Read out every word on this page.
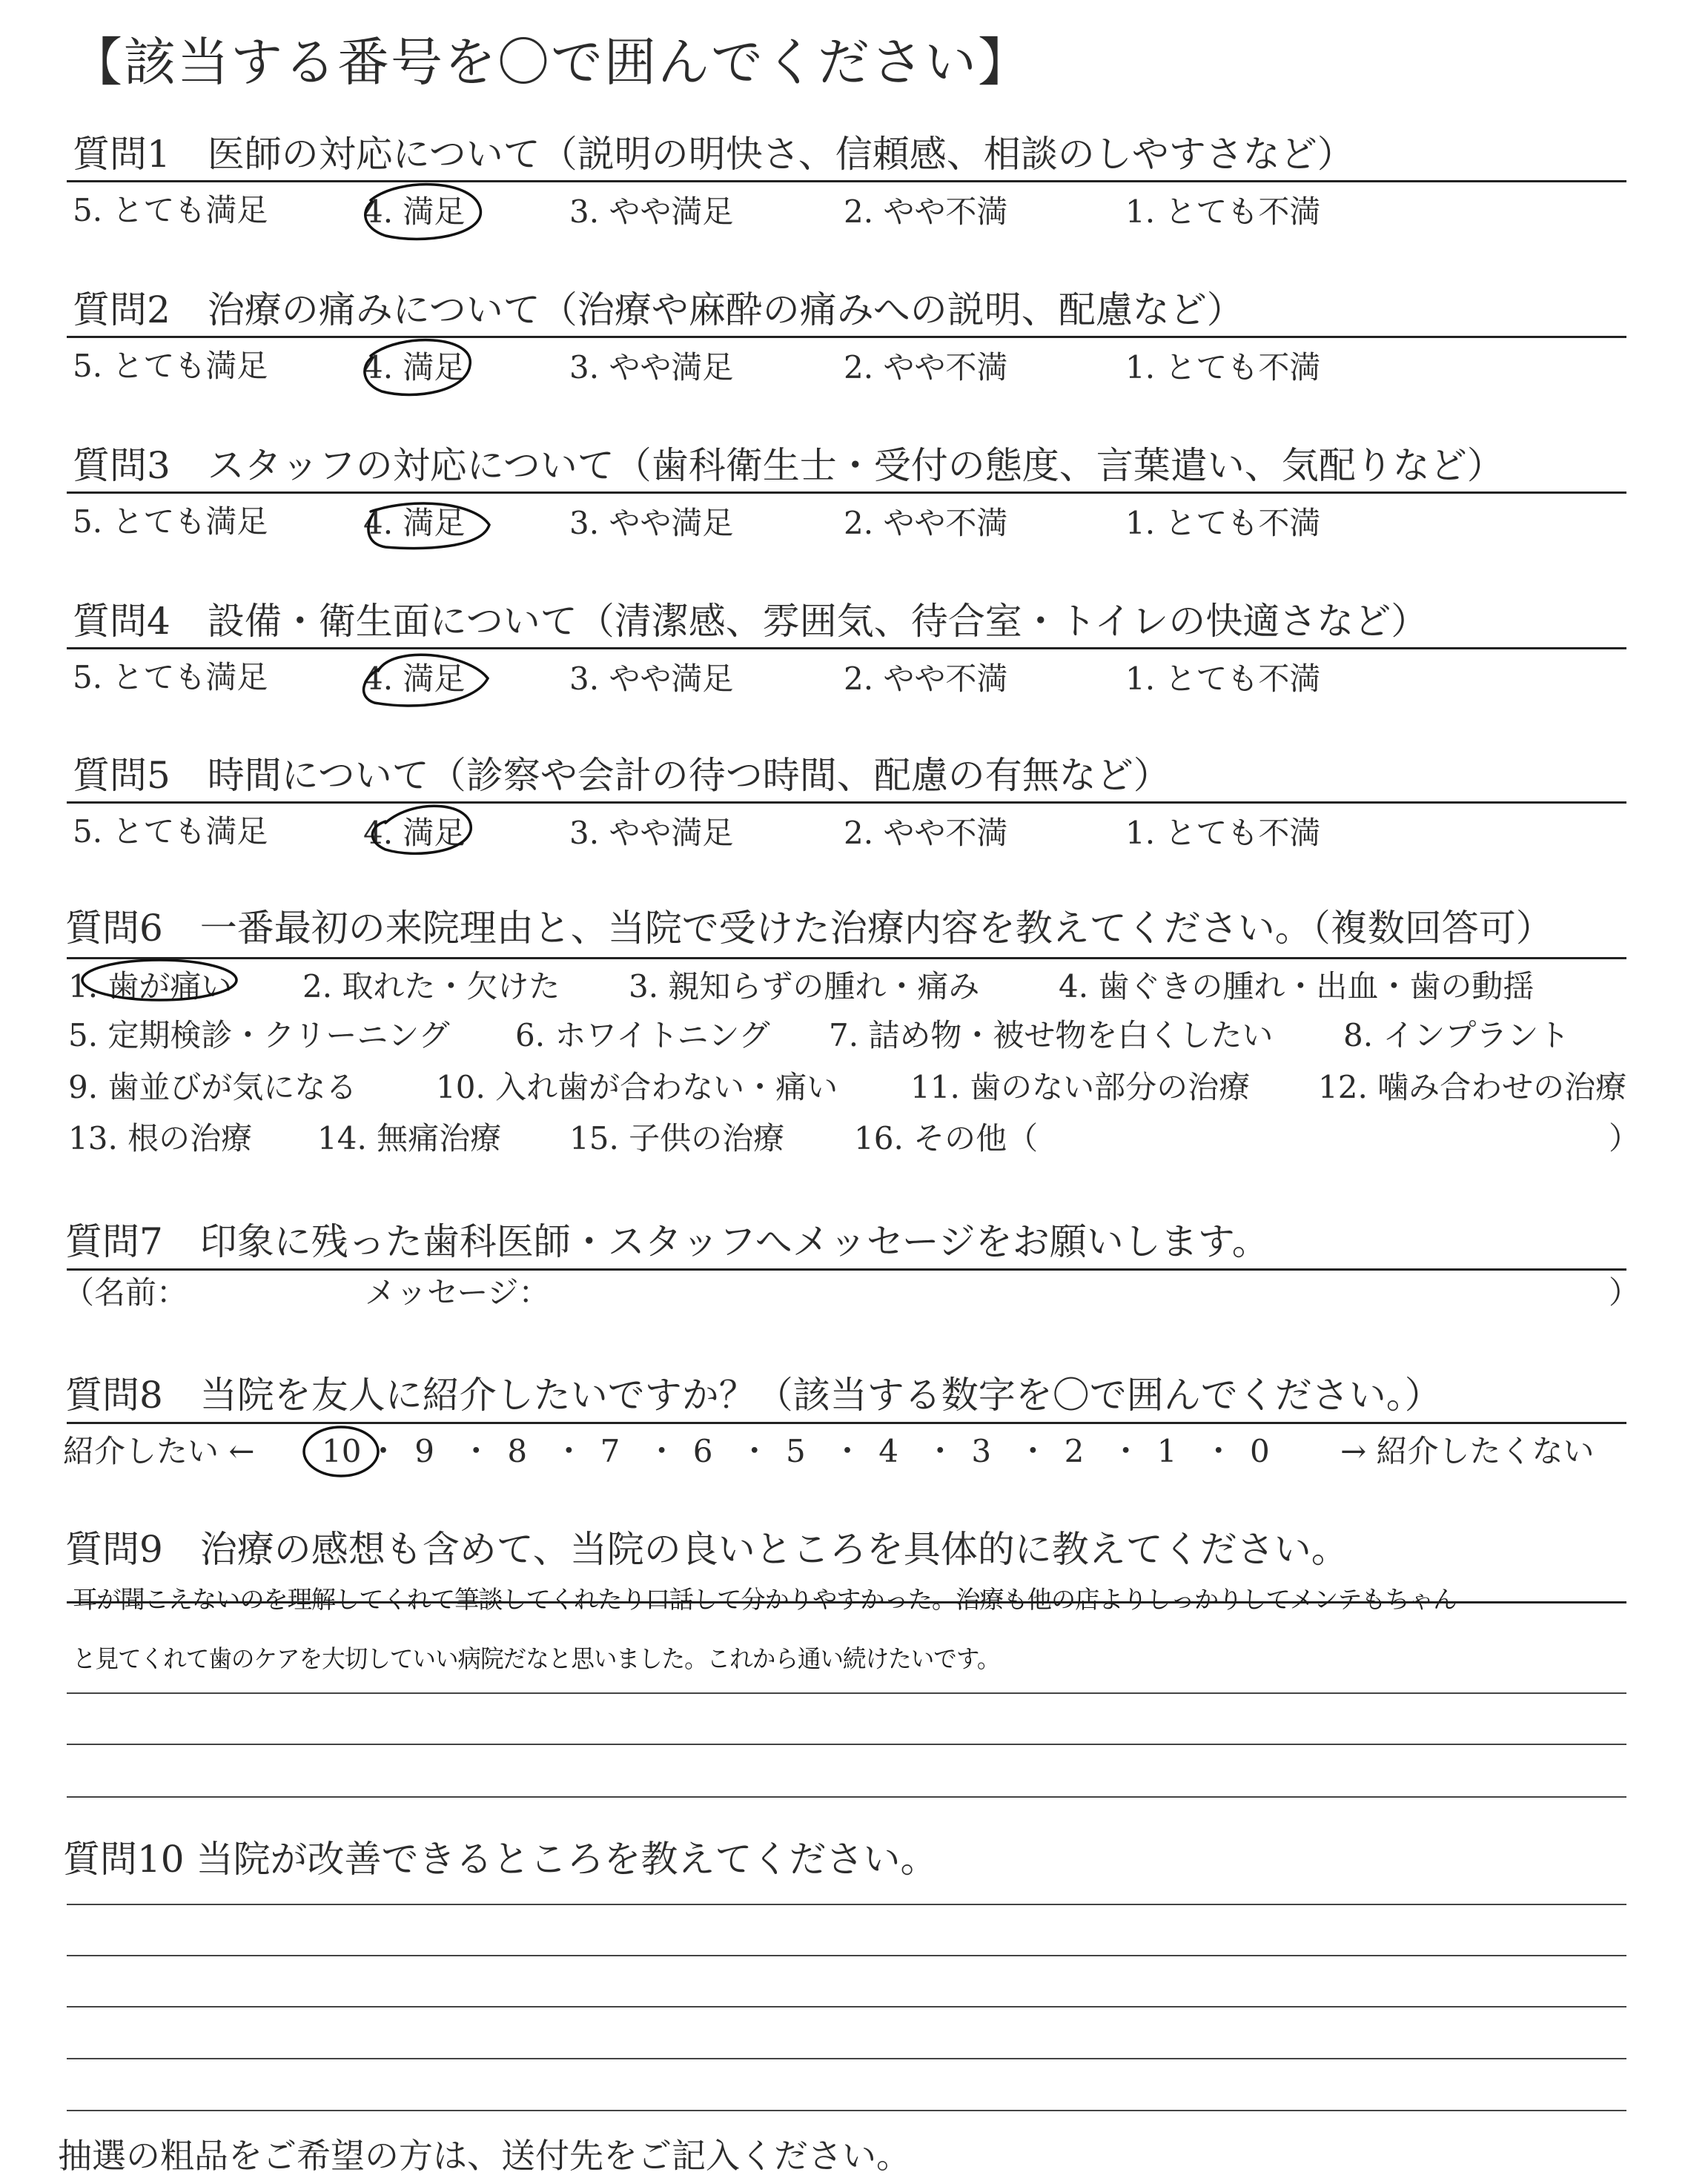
【該当する番号を〇で囲んでください】
質問1　医師の対応について（説明の明快さ、信頼感、相談のしやすさなど）
5. とても満足	4. 満足	3. やや満足	2. やや不満	1. とても不満
質問2　治療の痛みについて（治療や麻酔の痛みへの説明、配慮など）
5. とても満足	4. 満足	3. やや満足	2. やや不満	1. とても不満
質問3　スタッフの対応について（歯科衛生士・受付の態度、言葉遣い、気配りなど）
5. とても満足	4. 満足	3. やや満足	2. やや不満	1. とても不満
質問4　設備・衛生面について（清潔感、雰囲気、待合室・トイレの快適さなど）
5. とても満足	4. 満足	3. やや満足	2. やや不満	1. とても不満
質問5　時間について（診察や会計の待つ時間、配慮の有無など）
5. とても満足	4. 満足	3. やや満足	2. やや不満	1. とても不満
質問6　一番最初の来院理由と、当院で受けた治療内容を教えてください。（複数回答可）
1. 歯が痛い 2. 取れた・欠けた 3. 親知らずの腫れ・痛み	4. 歯ぐきの腫れ・出血・歯の動揺
5. 定期検診・クリーニング 6. ホワイトニング 7. 詰め物・被せ物を白くしたい 8. インプラント
9. 歯並びが気になる	10. 入れ歯が合わない・痛い 11. 歯のない部分の治療 12. 噛み合わせの治療
13. 根の治療 14. 無痛治療 15. 子供の治療 16. その他（	）
質問7　印象に残った歯科医師・スタッフへメッセージをお願いします。
（名前：	メッセージ：	）
質問8　当院を友人に紹介したいですか？（該当する数字を〇で囲んでください。）
紹介したい ← 10 ・ 9 ・ 8 ・ 7 ・ 6 ・ 5 ・ 4 ・ 3 ・ 2 ・ 1 ・ 0 → 紹介したくない
質問9　治療の感想も含めて、当院の良いところを具体的に教えてください。
耳が聞こえないのを理解してくれて筆談してくれたり口話して分かりやすかった。治療も他の店よりしっかりしてメンテもちゃん
と見てくれて歯のケアを大切していい病院だなと思いました。これから通い続けたいです。
質問10 当院が改善できるところを教えてください。
抽選の粗品をご希望の方は、送付先をご記入ください。
